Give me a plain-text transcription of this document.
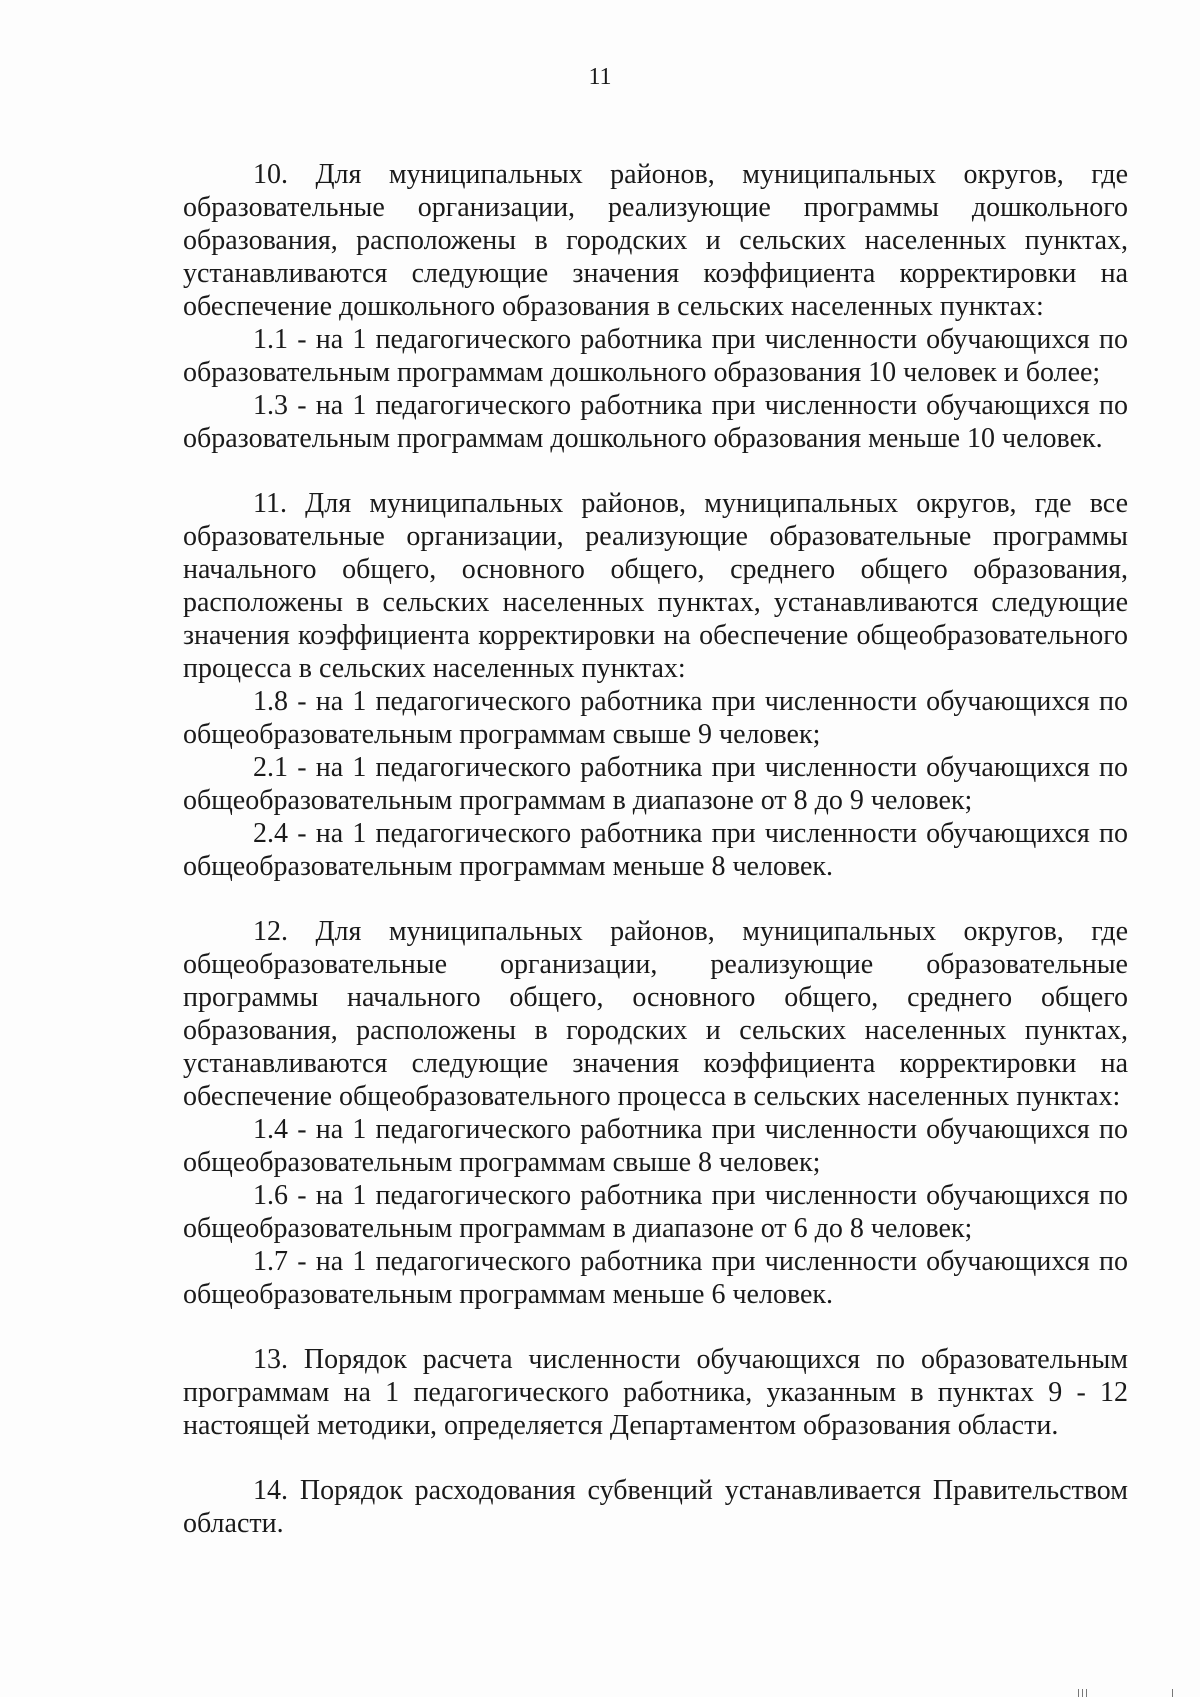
11

10. Для муниципальных районов, муниципальных округов, где образовательные организации, реализующие программы дошкольного образования, расположены в городских и сельских населенных пунктах, устанавливаются следующие значения коэффициента корректировки на обеспечение дошкольного образования в сельских населенных пунктах:

1.1 - на 1 педагогического работника при численности обучающихся по образовательным программам дошкольного образования 10 человек и более;

1.3 - на 1 педагогического работника при численности обучающихся по образовательным программам дошкольного образования меньше 10 человек.

11. Для муниципальных районов, муниципальных округов, где все образовательные организации, реализующие образовательные программы начального общего, основного общего, среднего общего образования, расположены в сельских населенных пунктах, устанавливаются следующие значения коэффициента корректировки на обеспечение общеобразовательного процесса в сельских населенных пунктах:

1.8 - на 1 педагогического работника при численности обучающихся по общеобразовательным программам свыше 9 человек;

2.1 - на 1 педагогического работника при численности обучающихся по общеобразовательным программам в диапазоне от 8 до 9 человек;

2.4 - на 1 педагогического работника при численности обучающихся по общеобразовательным программам меньше 8 человек.

12. Для муниципальных районов, муниципальных округов, где общеобразовательные организации, реализующие образовательные программы начального общего, основного общего, среднего общего образования, расположены в городских и сельских населенных пунктах, устанавливаются следующие значения коэффициента корректировки на обеспечение общеобразовательного процесса в сельских населенных пунктах:

1.4 - на 1 педагогического работника при численности обучающихся по общеобразовательным программам свыше 8 человек;

1.6 - на 1 педагогического работника при численности обучающихся по общеобразовательным программам в диапазоне от 6 до 8 человек;

1.7 - на 1 педагогического работника при численности обучающихся по общеобразовательным программам меньше 6 человек.

13. Порядок расчета численности обучающихся по образовательным программам на 1 педагогического работника, указанным в пунктах 9 - 12 настоящей методики, определяется Департаментом образования области.

14. Порядок расходования субвенций устанавливается Правительством области.
